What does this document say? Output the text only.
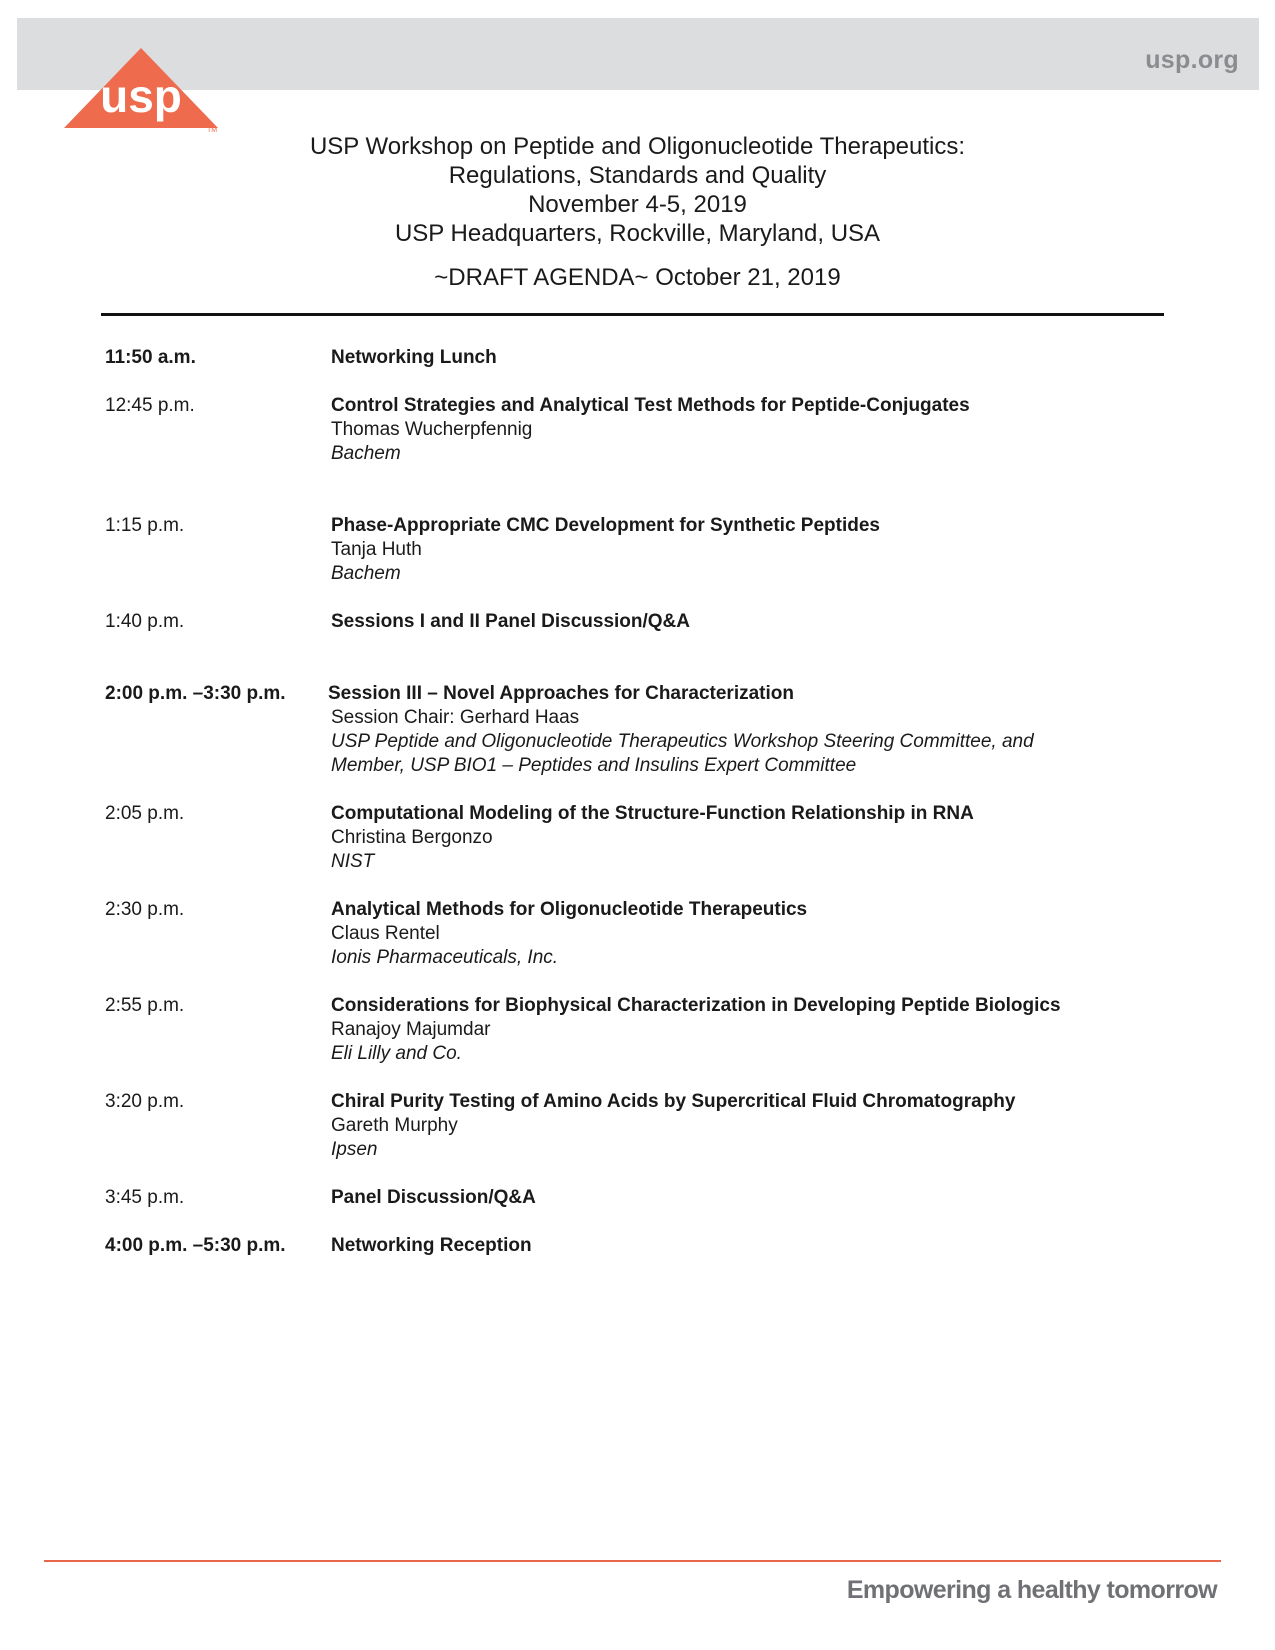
usp.org
usp
TM
USP Workshop on Peptide and Oligonucleotide Therapeutics:
Regulations, Standards and Quality
November 4-5, 2019
USP Headquarters, Rockville, Maryland, USA
~DRAFT AGENDA~ October 21, 2019
11:50 a.m.	Networking Lunch
12:45 p.m.	Control Strategies and Analytical Test Methods for Peptide-Conjugates
Thomas Wucherpfennig
Bachem
1:15 p.m.	Phase-Appropriate CMC Development for Synthetic Peptides
Tanja Huth
Bachem
1:40 p.m.	Sessions I and II Panel Discussion/Q&A
2:00 p.m. –3:30 p.m.	Session III – Novel Approaches for Characterization
Session Chair: Gerhard Haas
USP Peptide and Oligonucleotide Therapeutics Workshop Steering Committee, and
Member, USP BIO1 – Peptides and Insulins Expert Committee
2:05 p.m.	Computational Modeling of the Structure-Function Relationship in RNA
Christina Bergonzo
NIST
2:30 p.m.	Analytical Methods for Oligonucleotide Therapeutics
Claus Rentel
Ionis Pharmaceuticals, Inc.
2:55 p.m.	Considerations for Biophysical Characterization in Developing Peptide Biologics
Ranajoy Majumdar
Eli Lilly and Co.
3:20 p.m.	Chiral Purity Testing of Amino Acids by Supercritical Fluid Chromatography
Gareth Murphy
Ipsen
3:45 p.m.	Panel Discussion/Q&A
4:00 p.m. –5:30 p.m.	Networking Reception
Empowering a healthy tomorrow
